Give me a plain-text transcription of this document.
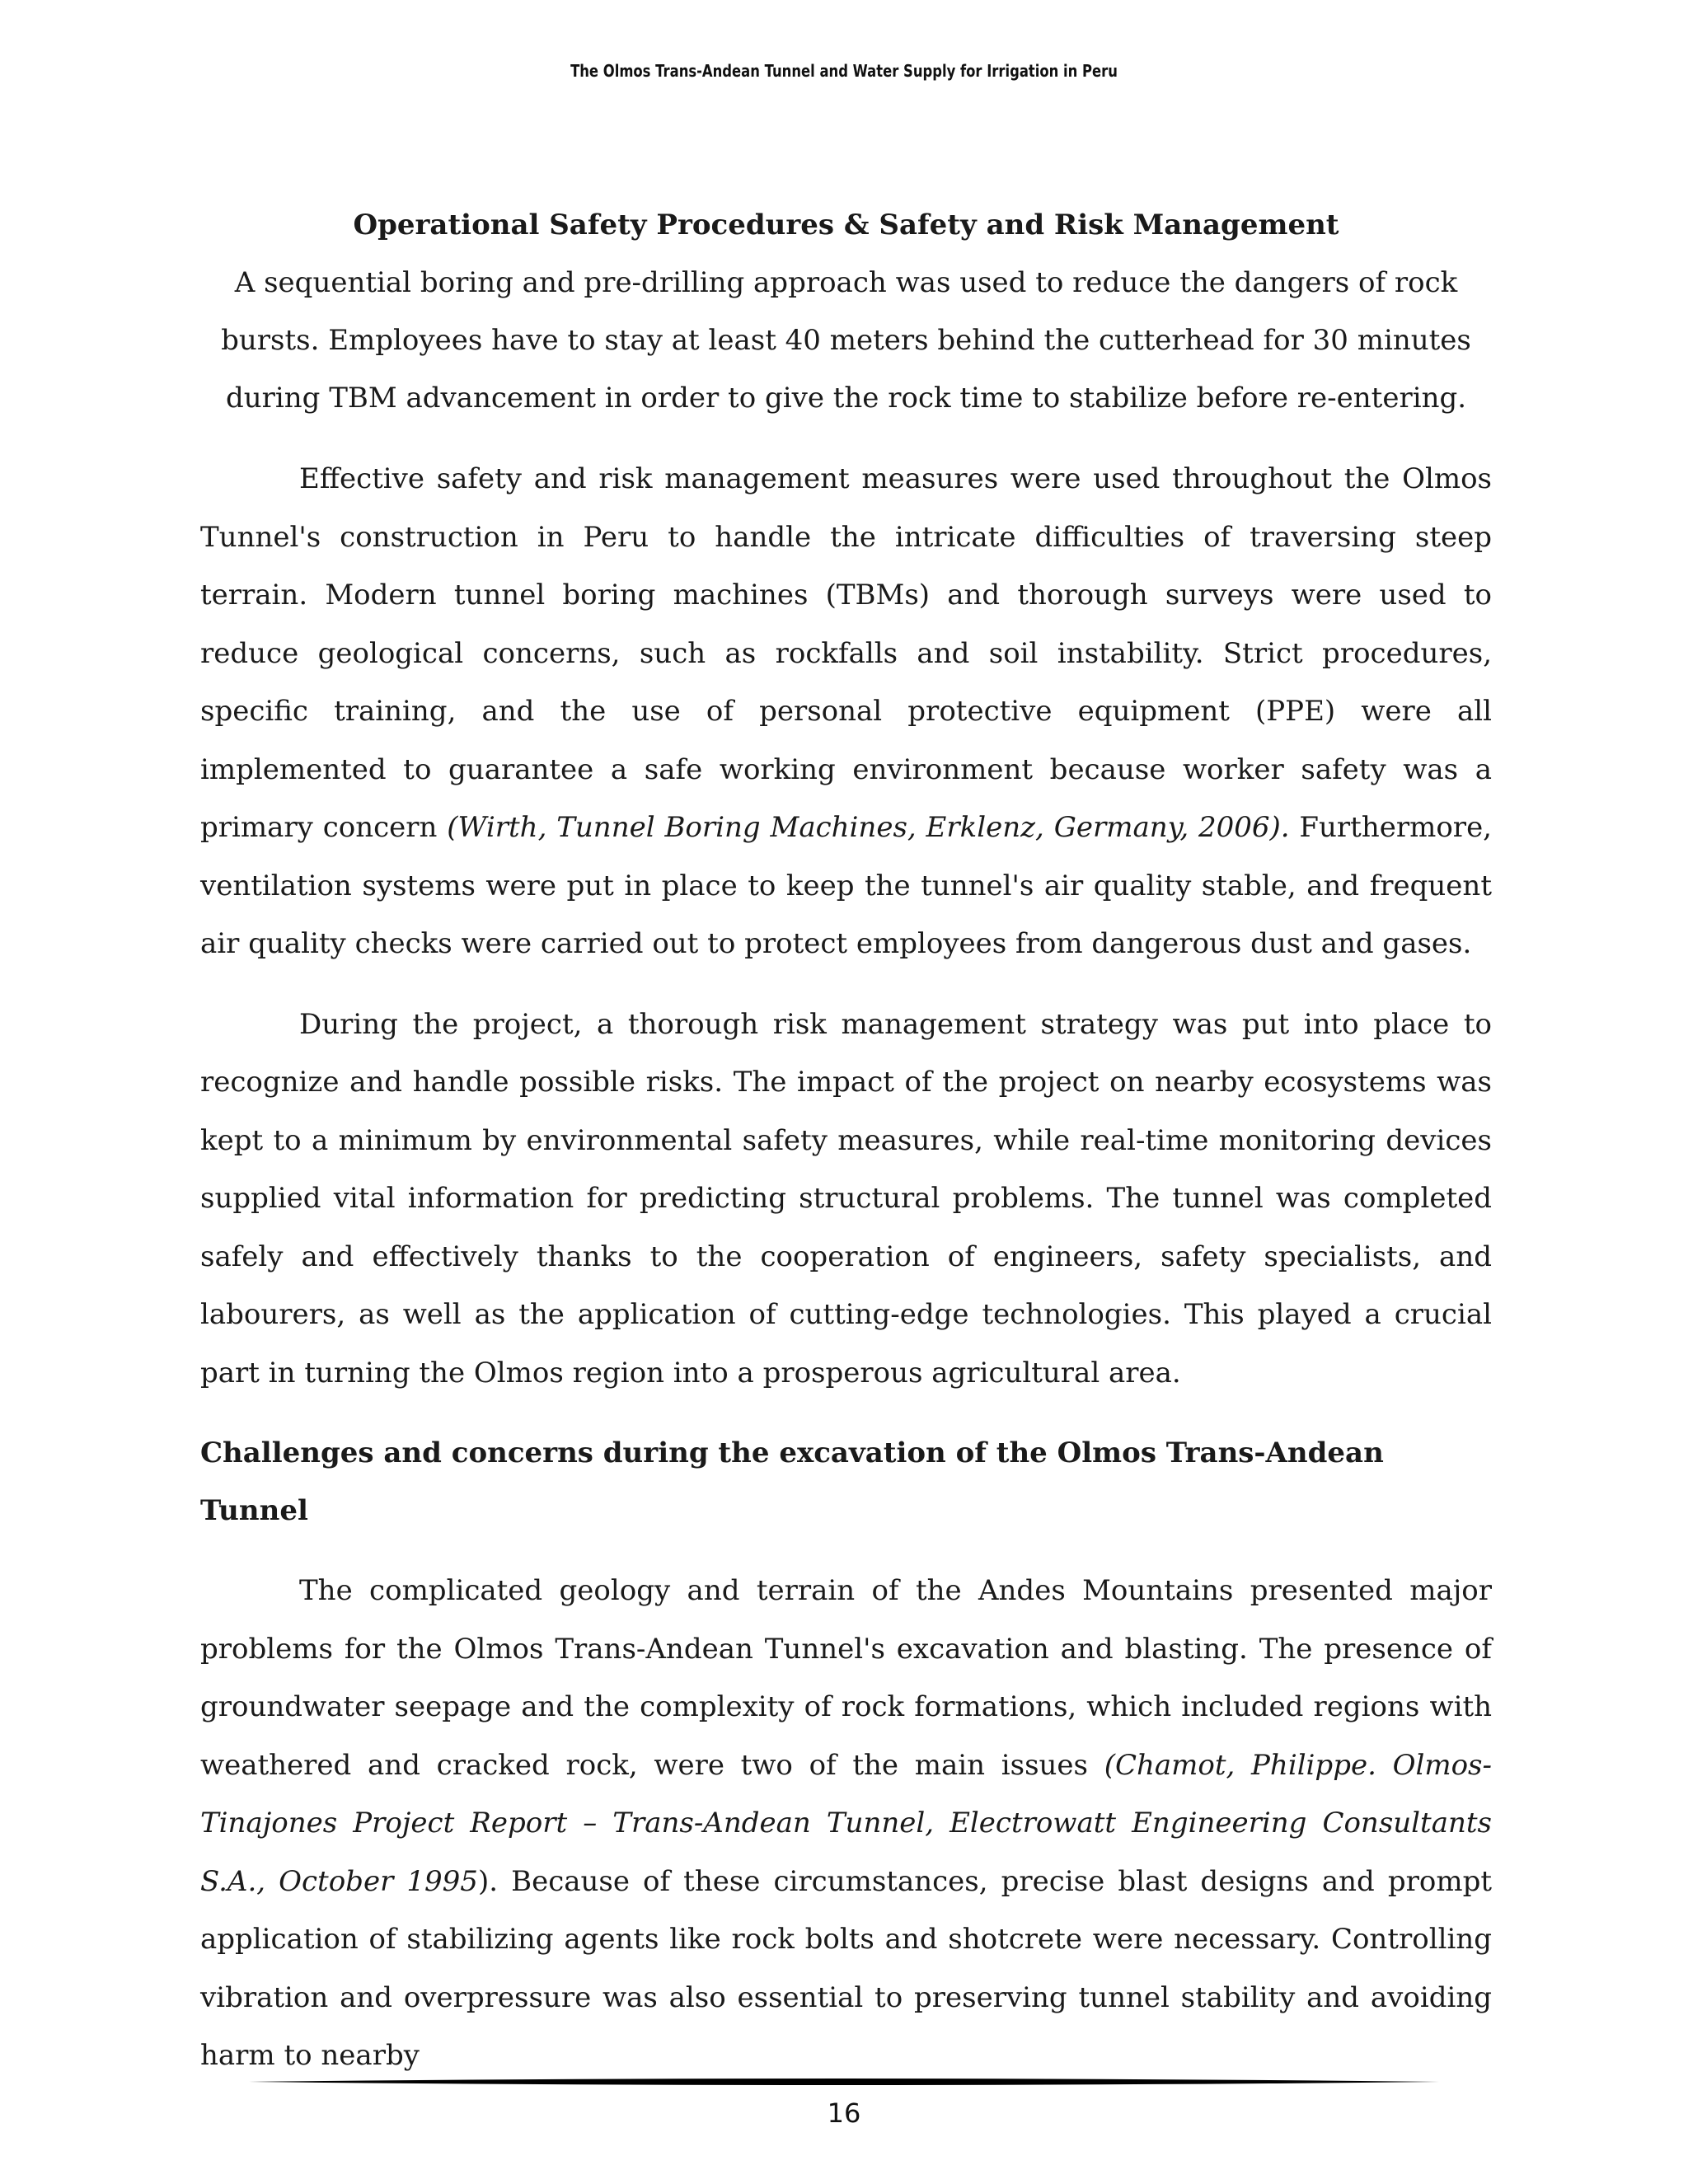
The Olmos Trans-Andean Tunnel and Water Supply for Irrigation in Peru
Operational Safety Procedures & Safety and Risk Management

A sequential boring and pre-drilling approach was used to reduce the dangers of rock bursts. Employees have to stay at least 40 meters behind the cutterhead for 30 minutes during TBM advancement in order to give the rock time to stabilize before re-entering.

Effective safety and risk management measures were used throughout the Olmos Tunnel's construction in Peru to handle the intricate difficulties of traversing steep terrain. Modern tunnel boring machines (TBMs) and thorough surveys were used to reduce geological concerns, such as rockfalls and soil instability. Strict procedures, specific training, and the use of personal protective equipment (PPE) were all implemented to guarantee a safe working environment because worker safety was a primary concern (Wirth, Tunnel Boring Machines, Erklenz, Germany, 2006). Furthermore, ventilation systems were put in place to keep the tunnel's air quality stable, and frequent air quality checks were carried out to protect employees from dangerous dust and gases.

During the project, a thorough risk management strategy was put into place to recognize and handle possible risks. The impact of the project on nearby ecosystems was kept to a minimum by environmental safety measures, while real-time monitoring devices supplied vital information for predicting structural problems. The tunnel was completed safely and effectively thanks to the cooperation of engineers, safety specialists, and labourers, as well as the application of cutting-edge technologies. This played a crucial part in turning the Olmos region into a prosperous agricultural area.

Challenges and concerns during the excavation of the Olmos Trans-Andean Tunnel

The complicated geology and terrain of the Andes Mountains presented major problems for the Olmos Trans-Andean Tunnel's excavation and blasting. The presence of groundwater seepage and the complexity of rock formations, which included regions with weathered and cracked rock, were two of the main issues (Chamot, Philippe. Olmos-Tinajones Project Report – Trans-Andean Tunnel, Electrowatt Engineering Consultants S.A., October 1995). Because of these circumstances, precise blast designs and prompt application of stabilizing agents like rock bolts and shotcrete were necessary. Controlling vibration and overpressure was also essential to preserving tunnel stability and avoiding harm to nearby

16
